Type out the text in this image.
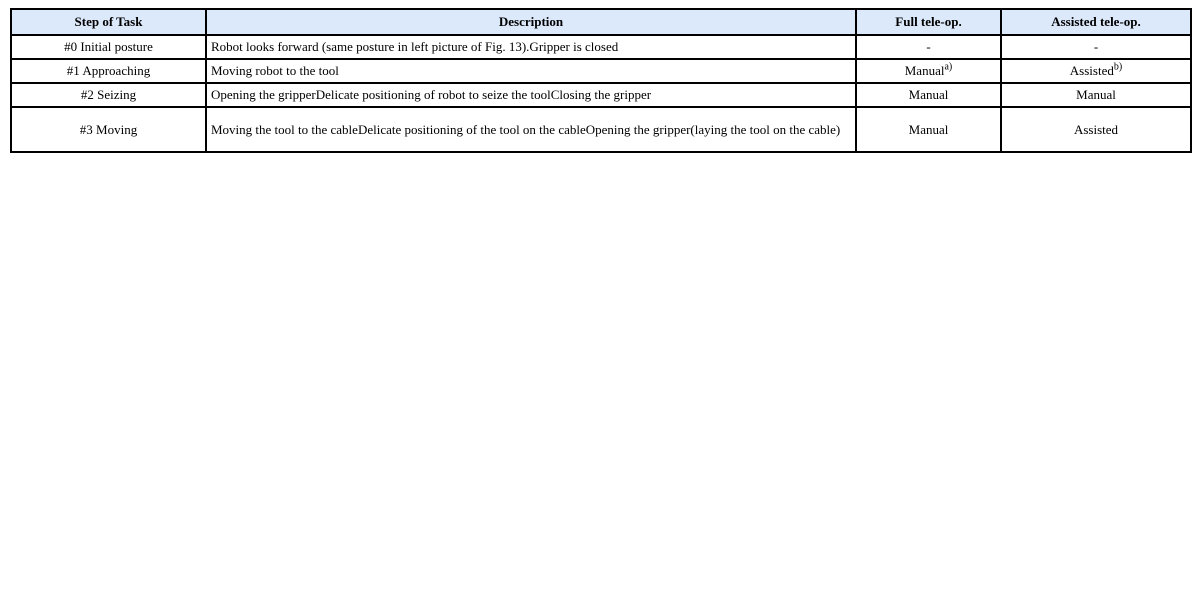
Step of Task	Description	Full tele-op.	Assisted tele-op.
#0 Initial posture	Robot looks forward (same posture in left picture of Fig. 13).Gripper is closed	-	-
#1 Approaching	Moving robot to the tool	Manual$^{a)}$	Assisted$^{b)}$
#2 Seizing	Opening the gripperDelicate positioning of robot to seize the toolClosing the gripper	Manual	Manual
#3 Moving	Moving the tool to the cableDelicate positioning of the tool on the cableOpening the gripper(laying the tool on the cable)	Manual	Assisted
